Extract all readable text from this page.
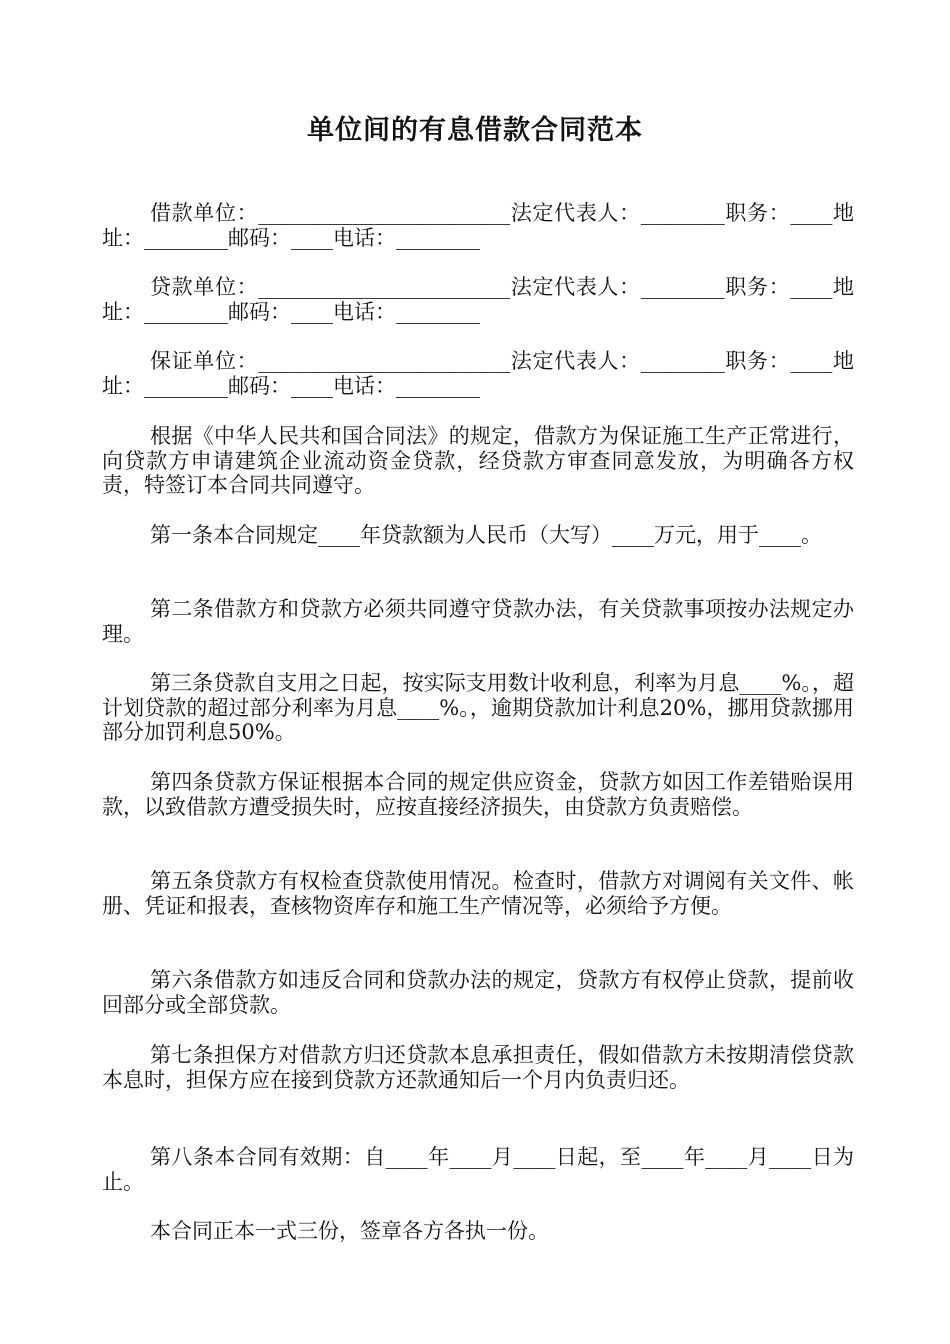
单位间的有息借款合同范本
借款单位：________________________法定代表人：________职务：____地址：________邮码：____电话：________
贷款单位：________________________法定代表人：________职务：____地址：________邮码：____电话：________
保证单位：________________________法定代表人：________职务：____地址：________邮码：____电话：________
根据《中华人民共和国合同法》的规定，借款方为保证施工生产正常进行，向贷款方申请建筑企业流动资金贷款，经贷款方审查同意发放，为明确各方权责，特签订本合同共同遵守。
第一条本合同规定____年贷款额为人民币（大写）____万元，用于____。
第二条借款方和贷款方必须共同遵守贷款办法，有关贷款事项按办法规定办理。
第三条贷款自支用之日起，按实际支用数计收利息，利率为月息____%。，超计划贷款的超过部分利率为月息____%。，逾期贷款加计利息20%，挪用贷款挪用部分加罚利息50%。
第四条贷款方保证根据本合同的规定供应资金，贷款方如因工作差错贻误用款，以致借款方遭受损失时，应按直接经济损失，由贷款方负责赔偿。
第五条贷款方有权检查贷款使用情况。检查时，借款方对调阅有关文件、帐册、凭证和报表，查核物资库存和施工生产情况等，必须给予方便。
第六条借款方如违反合同和贷款办法的规定，贷款方有权停止贷款，提前收回部分或全部贷款。
第七条担保方对借款方归还贷款本息承担责任，假如借款方未按期清偿贷款本息时，担保方应在接到贷款方还款通知后一个月内负责归还。
第八条本合同有效期：自____年____月____日起，至____年____月____日为止。
本合同正本一式三份，签章各方各执一份。
